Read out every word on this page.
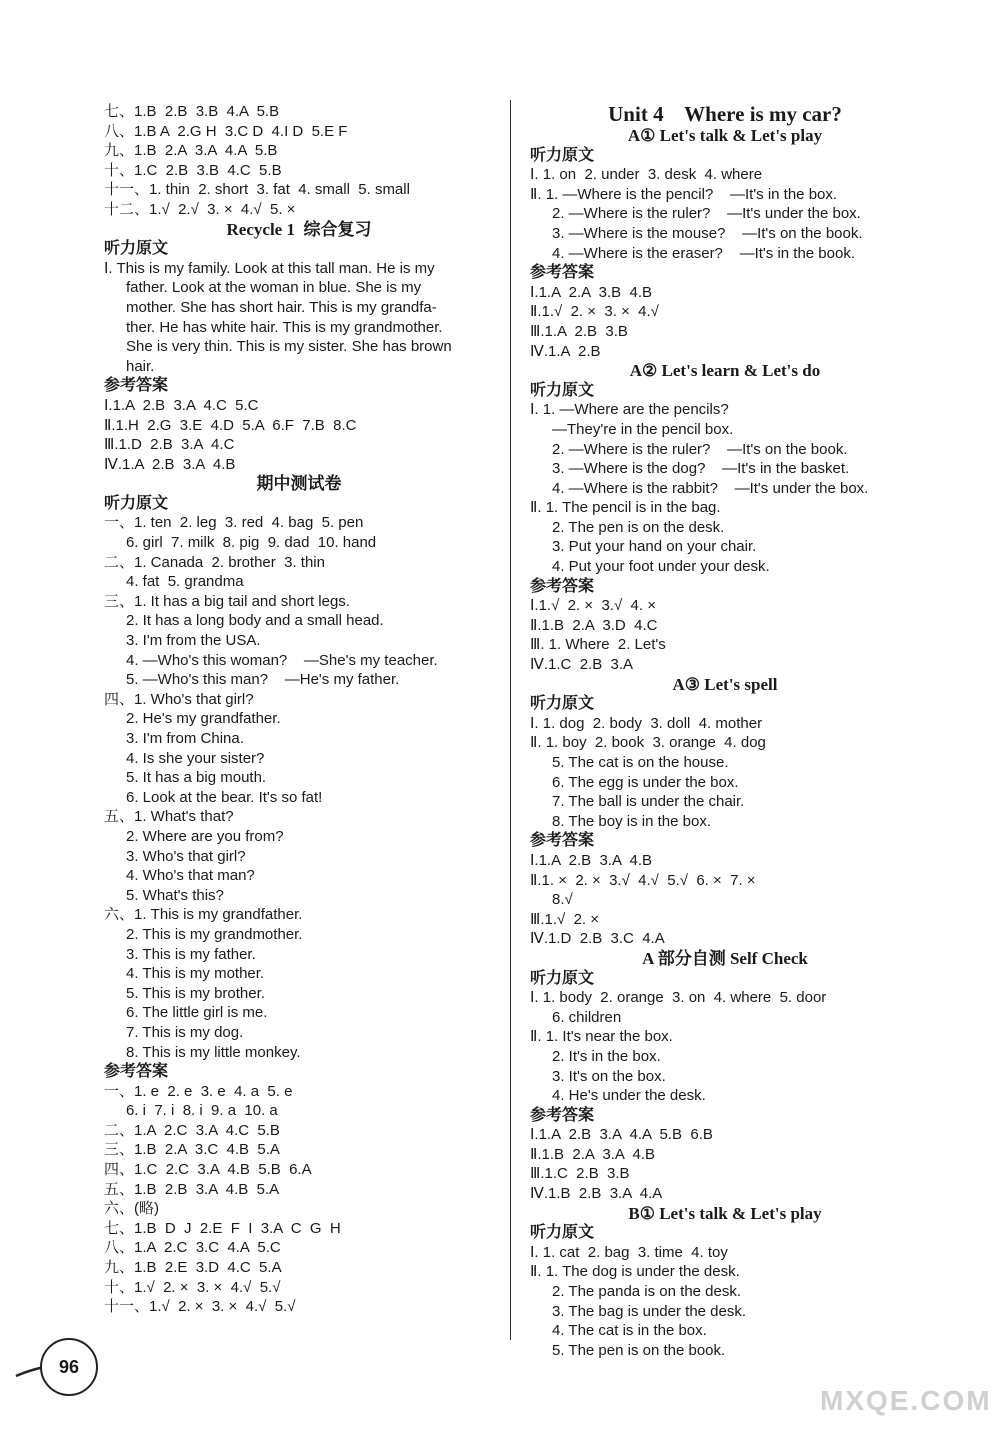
七、1.B  2.B  3.B  4.A  5.B
八、1.B A  2.G H  3.C D  4.I D  5.E F
九、1.B  2.A  3.A  4.A  5.B
十、1.C  2.B  3.B  4.C  5.B
十一、1. thin  2. short  3. fat  4. small  5. small
十二、1.√  2.√  3. ×  4.√  5. ×
Recycle 1  综合复习
听力原文
Ⅰ. This is my family. Look at this tall man. He is my
father. Look at the woman in blue. She is my
mother. She has short hair. This is my grandfa-
ther. He has white hair. This is my grandmother.
She is very thin. This is my sister. She has brown
hair.
参考答案
Ⅰ.1.A  2.B  3.A  4.C  5.C
Ⅱ.1.H  2.G  3.E  4.D  5.A  6.F  7.B  8.C
Ⅲ.1.D  2.B  3.A  4.C
Ⅳ.1.A  2.B  3.A  4.B
期中测试卷
听力原文
一、1. ten  2. leg  3. red  4. bag  5. pen
6. girl  7. milk  8. pig  9. dad  10. hand
二、1. Canada  2. brother  3. thin
4. fat  5. grandma
三、1. It has a big tail and short legs.
2. It has a long body and a small head.
3. I'm from the USA.
4. —Who's this woman?    —She's my teacher.
5. —Who's this man?    —He's my father.
四、1. Who's that girl?
2. He's my grandfather.
3. I'm from China.
4. Is she your sister?
5. It has a big mouth.
6. Look at the bear. It's so fat!
五、1. What's that?
2. Where are you from?
3. Who's that girl?
4. Who's that man?
5. What's this?
六、1. This is my grandfather.
2. This is my grandmother.
3. This is my father.
4. This is my mother.
5. This is my brother.
6. The little girl is me.
7. This is my dog.
8. This is my little monkey.
参考答案
一、1. e  2. e  3. e  4. a  5. e
6. i  7. i  8. i  9. a  10. a
二、1.A  2.C  3.A  4.C  5.B
三、1.B  2.A  3.C  4.B  5.A
四、1.C  2.C  3.A  4.B  5.B  6.A
五、1.B  2.B  3.A  4.B  5.A
六、(略)
七、1.B  D  J  2.E  F  I  3.A  C  G  H
八、1.A  2.C  3.C  4.A  5.C
九、1.B  2.E  3.D  4.C  5.A
十、1.√  2. ×  3. ×  4.√  5.√
十一、1.√  2. ×  3. ×  4.√  5.√
Unit 4    Where is my car?
A① Let's talk & Let's play
听力原文
Ⅰ. 1. on  2. under  3. desk  4. where
Ⅱ. 1. —Where is the pencil?    —It's in the box.
2. —Where is the ruler?    —It's under the box.
3. —Where is the mouse?    —It's on the book.
4. —Where is the eraser?    —It's in the book.
参考答案
Ⅰ.1.A  2.A  3.B  4.B
Ⅱ.1.√  2. ×  3. ×  4.√
Ⅲ.1.A  2.B  3.B
Ⅳ.1.A  2.B
A② Let's learn & Let's do
听力原文
Ⅰ. 1. —Where are the pencils?
—They're in the pencil box.
2. —Where is the ruler?    —It's on the book.
3. —Where is the dog?    —It's in the basket.
4. —Where is the rabbit?    —It's under the box.
Ⅱ. 1. The pencil is in the bag.
2. The pen is on the desk.
3. Put your hand on your chair.
4. Put your foot under your desk.
参考答案
Ⅰ.1.√  2. ×  3.√  4. ×
Ⅱ.1.B  2.A  3.D  4.C
Ⅲ. 1. Where  2. Let's
Ⅳ.1.C  2.B  3.A
A③ Let's spell
听力原文
Ⅰ. 1. dog  2. body  3. doll  4. mother
Ⅱ. 1. boy  2. book  3. orange  4. dog
5. The cat is on the house.
6. The egg is under the box.
7. The ball is under the chair.
8. The boy is in the box.
参考答案
Ⅰ.1.A  2.B  3.A  4.B
Ⅱ.1. ×  2. ×  3.√  4.√  5.√  6. ×  7. ×
8.√
Ⅲ.1.√  2. ×
Ⅳ.1.D  2.B  3.C  4.A
A 部分自测 Self Check
听力原文
Ⅰ. 1. body  2. orange  3. on  4. where  5. door
6. children
Ⅱ. 1. It's near the box.
2. It's in the box.
3. It's on the box.
4. He's under the desk.
参考答案
Ⅰ.1.A  2.B  3.A  4.A  5.B  6.B
Ⅱ.1.B  2.A  3.A  4.B
Ⅲ.1.C  2.B  3.B
Ⅳ.1.B  2.B  3.A  4.A
B① Let's talk & Let's play
听力原文
Ⅰ. 1. cat  2. bag  3. time  4. toy
Ⅱ. 1. The dog is under the desk.
2. The panda is on the desk.
3. The bag is under the desk.
4. The cat is in the box.
5. The pen is on the book.
96
MXQE.COM
